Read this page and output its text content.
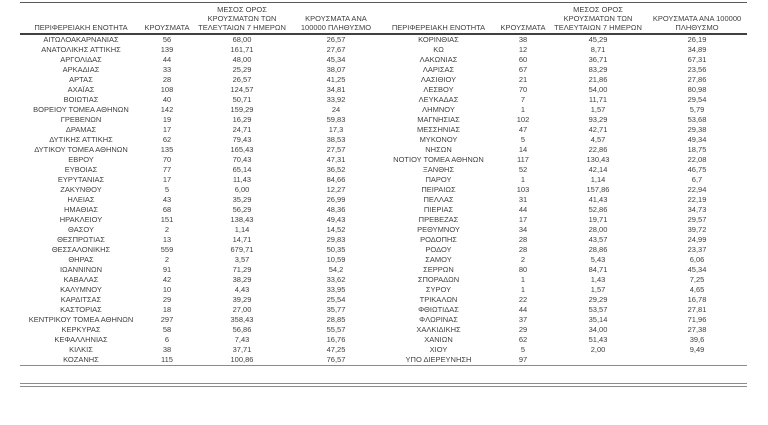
ΠΕΡΙΦΕΡΕΙΑΚΗ ΕΝΟΤΗΤΑ	ΚΡΟΥΣΜΑΤΑ	ΜΕΣΟΣ ΟΡΟΣ ΚΡΟΥΣΜΑΤΩΝ ΤΩΝ ΤΕΛΕΥΤΑΙΩΝ 7 ΗΜΕΡΩΝ	ΚΡΟΥΣΜΑΤΑ ΑΝΑ 100000 ΠΛΗΘΥΣΜΟ	ΠΕΡΙΦΕΡΕΙΑΚΗ ΕΝΟΤΗΤΑ	ΚΡΟΥΣΜΑΤΑ	ΜΕΣΟΣ ΟΡΟΣ ΚΡΟΥΣΜΑΤΩΝ ΤΩΝ ΤΕΛΕΥΤΑΙΩΝ 7 ΗΜΕΡΩΝ	ΚΡΟΥΣΜΑΤΑ ΑΝΑ 100000 ΠΛΗΘΥΣΜΟ
ΑΙΤΩΛΟΑΚΑΡΝΑΝΙΑΣ	56	68,00	26,57	ΚΟΡΙΝΘΙΑΣ	38	45,29	26,19
ΑΝΑΤΟΛΙΚΗΣ ΑΤΤΙΚΗΣ	139	161,71	27,67	ΚΩ	12	8,71	34,89
ΑΡΓΟΛΙΔΑΣ	44	48,00	45,34	ΛΑΚΩΝΙΑΣ	60	36,71	67,31
ΑΡΚΑΔΙΑΣ	33	25,29	38,07	ΛΑΡΙΣΑΣ	67	83,29	23,56
ΑΡΤΑΣ	28	26,57	41,25	ΛΑΣΙΘΙΟΥ	21	21,86	27,86
ΑΧΑΪΑΣ	108	124,57	34,81	ΛΕΣΒΟΥ	70	54,00	80,98
ΒΟΙΩΤΙΑΣ	40	50,71	33,92	ΛΕΥΚΑΔΑΣ	7	11,71	29,54
ΒΟΡΕΙΟΥ ΤΟΜΕΑ ΑΘΗΝΩΝ	142	159,29	24	ΛΗΜΝΟΥ	1	1,57	5,79
ΓΡΕΒΕΝΩΝ	19	16,29	59,83	ΜΑΓΝΗΣΙΑΣ	102	93,29	53,68
ΔΡΑΜΑΣ	17	24,71	17,3	ΜΕΣΣΗΝΙΑΣ	47	42,71	29,38
ΔΥΤΙΚΗΣ ΑΤΤΙΚΗΣ	62	79,43	38,53	ΜΥΚΟΝΟΥ	5	4,57	49,34
ΔΥΤΙΚΟΥ ΤΟΜΕΑ ΑΘΗΝΩΝ	135	165,43	27,57	ΝΗΣΩΝ	14	22,86	18,75
ΕΒΡΟΥ	70	70,43	47,31	ΝΟΤΙΟΥ ΤΟΜΕΑ ΑΘΗΝΩΝ	117	130,43	22,08
ΕΥΒΟΙΑΣ	77	65,14	36,52	ΞΑΝΘΗΣ	52	42,14	46,75
ΕΥΡΥΤΑΝΙΑΣ	17	11,43	84,66	ΠΑΡΟΥ	1	1,14	6,7
ΖΑΚΥΝΘΟΥ	5	6,00	12,27	ΠΕΙΡΑΙΩΣ	103	157,86	22,94
ΗΛΕΙΑΣ	43	35,29	26,99	ΠΕΛΛΑΣ	31	41,43	22,19
ΗΜΑΘΙΑΣ	68	56,29	48,36	ΠΙΕΡΙΑΣ	44	52,86	34,73
ΗΡΑΚΛΕΙΟΥ	151	138,43	49,43	ΠΡΕΒΕΖΑΣ	17	19,71	29,57
ΘΑΣΟΥ	2	1,14	14,52	ΡΕΘΥΜΝΟΥ	34	28,00	39,72
ΘΕΣΠΡΩΤΙΑΣ	13	14,71	29,83	ΡΟΔΟΠΗΣ	28	43,57	24,99
ΘΕΣΣΑΛΟΝΙΚΗΣ	559	679,71	50,35	ΡΟΔΟΥ	28	28,86	23,37
ΘΗΡΑΣ	2	3,57	10,59	ΣΑΜΟΥ	2	5,43	6,06
ΙΩΑΝΝΙΝΩΝ	91	71,29	54,2	ΣΕΡΡΩΝ	80	84,71	45,34
ΚΑΒΑΛΑΣ	42	38,29	33,62	ΣΠΟΡΑΔΩΝ	1	1,43	7,25
ΚΑΛΥΜΝΟΥ	10	4,43	33,95	ΣΥΡΟΥ	1	1,57	4,65
ΚΑΡΔΙΤΣΑΣ	29	39,29	25,54	ΤΡΙΚΑΛΩΝ	22	29,29	16,78
ΚΑΣΤΟΡΙΑΣ	18	27,00	35,77	ΦΘΙΩΤΙΔΑΣ	44	53,57	27,81
ΚΕΝΤΡΙΚΟΥ ΤΟΜΕΑ ΑΘΗΝΩΝ	297	358,43	28,85	ΦΛΩΡΙΝΑΣ	37	35,14	71,96
ΚΕΡΚΥΡΑΣ	58	56,86	55,57	ΧΑΛΚΙΔΙΚΗΣ	29	34,00	27,38
ΚΕΦΑΛΛΗΝΙΑΣ	6	7,43	16,76	ΧΑΝΙΩΝ	62	51,43	39,6
ΚΙΛΚΙΣ	38	37,71	47,25	ΧΙΟΥ	5	2,00	9,49
ΚΟΖΑΝΗΣ	115	100,86	76,57	ΥΠΟ ΔΙΕΡΕΥΝΗΣΗ	97		
